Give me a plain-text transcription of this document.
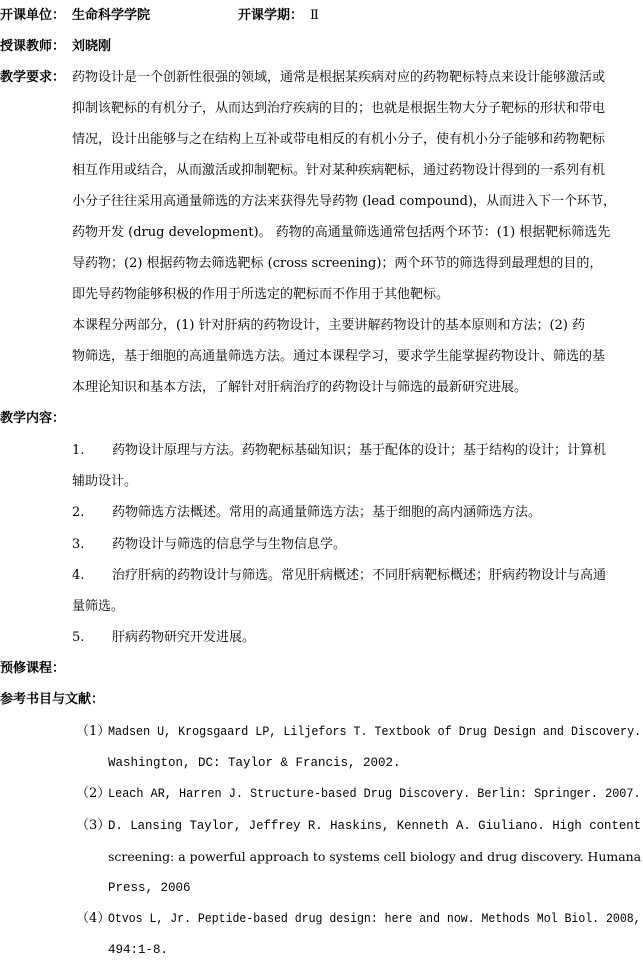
开课单位： 生命科学学院	开课学期： Ⅱ
授课教师： 刘晓刚
教学要求： 药物设计是一个创新性很强的领域，通常是根据某疾病对应的药物靶标特点来设计能够激活或
抑制该靶标的有机分子，从而达到治疗疾病的目的；也就是根据生物大分子靶标的形状和带电
情况，设计出能够与之在结构上互补或带电相反的有机小分子，使有机小分子能够和药物靶标
相互作用或结合，从而激活或抑制靶标。针对某种疾病靶标，通过药物设计得到的一系列有机
小分子往往采用高通量筛选的方法来获得先导药物 (lead compound)，从而进入下一个环节，
药物开发 (drug development)。 药物的高通量筛选通常包括两个环节：(1) 根据靶标筛选先
导药物；(2) 根据药物去筛选靶标 (cross screening)；两个环节的筛选得到最理想的目的，
即先导药物能够积极的作用于所选定的靶标而不作用于其他靶标。
本课程分两部分，(1) 针对肝病的药物设计，主要讲解药物设计的基本原则和方法；(2) 药
物筛选，基于细胞的高通量筛选方法。通过本课程学习，要求学生能掌握药物设计、筛选的基
本理论知识和基本方法，了解针对肝病治疗的药物设计与筛选的最新研究进展。
教学内容：
1. 药物设计原理与方法。药物靶标基础知识；基于配体的设计；基于结构的设计；计算机
辅助设计。
2. 药物筛选方法概述。常用的高通量筛选方法；基于细胞的高内涵筛选方法。
3. 药物设计与筛选的信息学与生物信息学。
4. 治疗肝病的药物设计与筛选。常见肝病概述；不同肝病靶标概述；肝病药物设计与高通
量筛选。
5. 肝病药物研究开发进展。
预修课程：
参考书目与文献：
（1）
Madsen U, Krogsgaard LP, Liljefors T. Textbook of Drug Design and Discovery.
Washington, DC: Taylor & Francis, 2002.
（2）
Leach AR, Harren J. Structure-based Drug Discovery. Berlin: Springer. 2007.
（3）
D. Lansing Taylor, Jeffrey R. Haskins, Kenneth A. Giuliano. High content
screening: a powerful approach to systems cell biology and drug discovery. Humana
Press, 2006
（4）
Otvos L, Jr. Peptide-based drug design: here and now. Methods Mol Biol. 2008,
494:1-8.
